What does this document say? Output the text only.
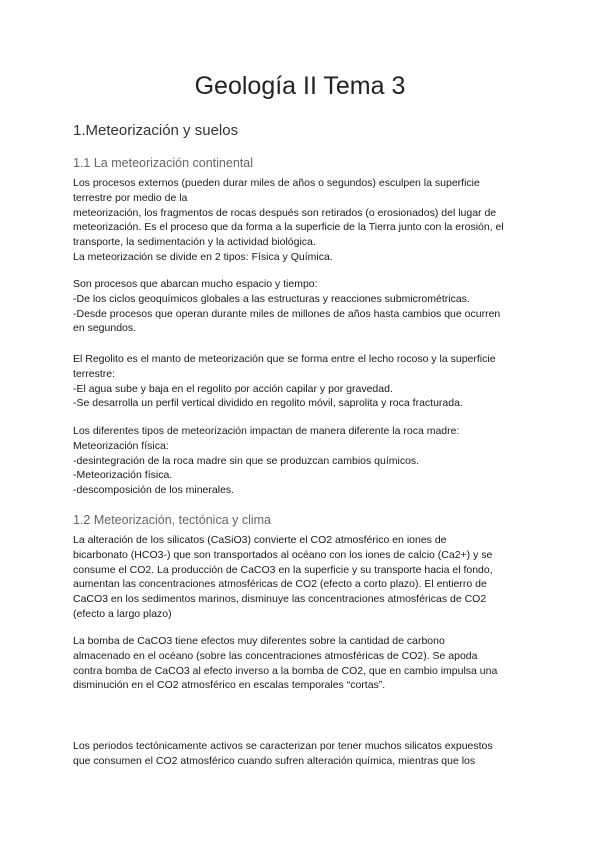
Geología II Tema 3
1.Meteorización y suelos
1.1 La meteorización continental
Los procesos externos (pueden durar miles de años o segundos) esculpen la superficie
terrestre por medio de la
meteorización, los fragmentos de rocas después son retirados (o erosionados) del lugar de
meteorización. Es el proceso que da forma a la superficie de la Tierra junto con la erosión, el
transporte, la sedimentación y la actividad biológica.
La meteorización se divide en 2 tipos: Física y Química.
Son procesos que abarcan mucho espacio y tiempo:
-De los ciclos geoquímicos globales a las estructuras y reacciones submicrométricas.
-Desde procesos que operan durante miles de millones de años hasta cambios que ocurren
en segundos.
El Regolito es el manto de meteorización que se forma entre el lecho rocoso y la superficie
terrestre:
-El agua sube y baja en el regolito por acción capilar y por gravedad.
-Se desarrolla un perfil vertical dividido en regolito móvil, saprolita y roca fracturada.
Los diferentes tipos de meteorización impactan de manera diferente la roca madre:
Meteorización física:
-desintegración de la roca madre sin que se produzcan cambios químicos.
-Meteorización física.
-descomposición de los minerales.
1.2 Meteorización, tectónica y clima
La alteración de los silicatos (CaSiO3) convierte el CO2 atmosférico en iones de
bicarbonato (HCO3-) que son transportados al océano con los iones de calcio (Ca2+) y se
consume el CO2. La producción de CaCO3 en la superficie y su transporte hacia el fondo,
aumentan las concentraciones atmosféricas de CO2 (efecto a corto plazo). El entierro de
CaCO3 en los sedimentos marinos, disminuye las concentraciones atmosféricas de CO2
(efecto a largo plazo)
La bomba de CaCO3 tiene efectos muy diferentes sobre la cantidad de carbono
almacenado en el océano (sobre las concentraciones atmosféricas de CO2). Se apoda
contra bomba de CaCO3 al efecto inverso a la bomba de CO2, que en cambio impulsa una
disminución en el CO2 atmosférico en escalas temporales “cortas”.
Los periodos tectónicamente activos se caracterizan por tener muchos silicatos expuestos
que consumen el CO2 atmosférico cuando sufren alteración química, mientras que los
